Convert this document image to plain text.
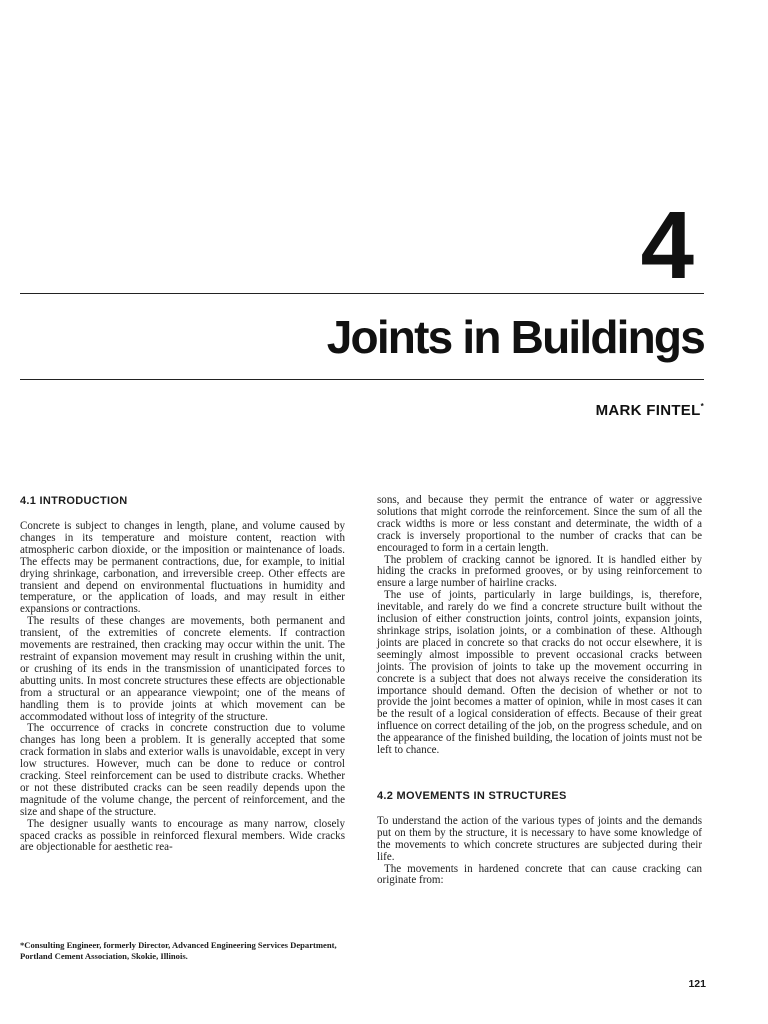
4
Joints in Buildings
MARK FINTEL*
4.1 INTRODUCTION

Concrete is subject to changes in length, plane, and volume caused by changes in its temperature and moisture content, reaction with atmospheric carbon dioxide, or the imposition or maintenance of loads. The effects may be permanent contractions, due, for example, to initial drying shrinkage, carbonation, and irreversible creep. Other effects are transient and depend on environmental fluctuations in humidity and temperature, or the application of loads, and may result in either expansions or contractions.

The results of these changes are movements, both permanent and transient, of the extremities of concrete elements. If contraction movements are restrained, then cracking may occur within the unit. The restraint of expansion movement may result in crushing within the unit, or crushing of its ends in the transmission of unanticipated forces to abutting units. In most concrete structures these effects are objectionable from a structural or an appearance viewpoint; one of the means of handling them is to provide joints at which movement can be accommodated without loss of integrity of the structure.

The occurrence of cracks in concrete construction due to volume changes has long been a problem. It is generally accepted that some crack formation in slabs and exterior walls is unavoidable, except in very low structures. However, much can be done to reduce or control cracking. Steel reinforcement can be used to distribute cracks. Whether or not these distributed cracks can be seen readily depends upon the magnitude of the volume change, the percent of reinforcement, and the size and shape of the structure.

The designer usually wants to encourage as many narrow, closely spaced cracks as possible in reinforced flexural members. Wide cracks are objectionable for aesthetic rea-

sons, and because they permit the entrance of water or aggressive solutions that might corrode the reinforcement. Since the sum of all the crack widths is more or less constant and determinate, the width of a crack is inversely proportional to the number of cracks that can be encouraged to form in a certain length.

The problem of cracking cannot be ignored. It is handled either by hiding the cracks in preformed grooves, or by using reinforcement to ensure a large number of hairline cracks.

The use of joints, particularly in large buildings, is, therefore, inevitable, and rarely do we find a concrete structure built without the inclusion of either construction joints, control joints, expansion joints, shrinkage strips, isolation joints, or a combination of these. Although joints are placed in concrete so that cracks do not occur elsewhere, it is seemingly almost impossible to prevent occasional cracks between joints. The provision of joints to take up the movement occurring in concrete is a subject that does not always receive the consideration its importance should demand. Often the decision of whether or not to provide the joint becomes a matter of opinion, while in most cases it can be the result of a logical consideration of effects. Because of their great influence on correct detailing of the job, on the progress schedule, and on the appearance of the finished building, the location of joints must not be left to chance.

4.2 MOVEMENTS IN STRUCTURES

To understand the action of the various types of joints and the demands put on them by the structure, it is necessary to have some knowledge of the movements to which concrete structures are subjected during their life.

The movements in hardened concrete that can cause cracking can originate from:

*Consulting Engineer, formerly Director, Advanced Engineering Services Department, Portland Cement Association, Skokie, Illinois.
121
